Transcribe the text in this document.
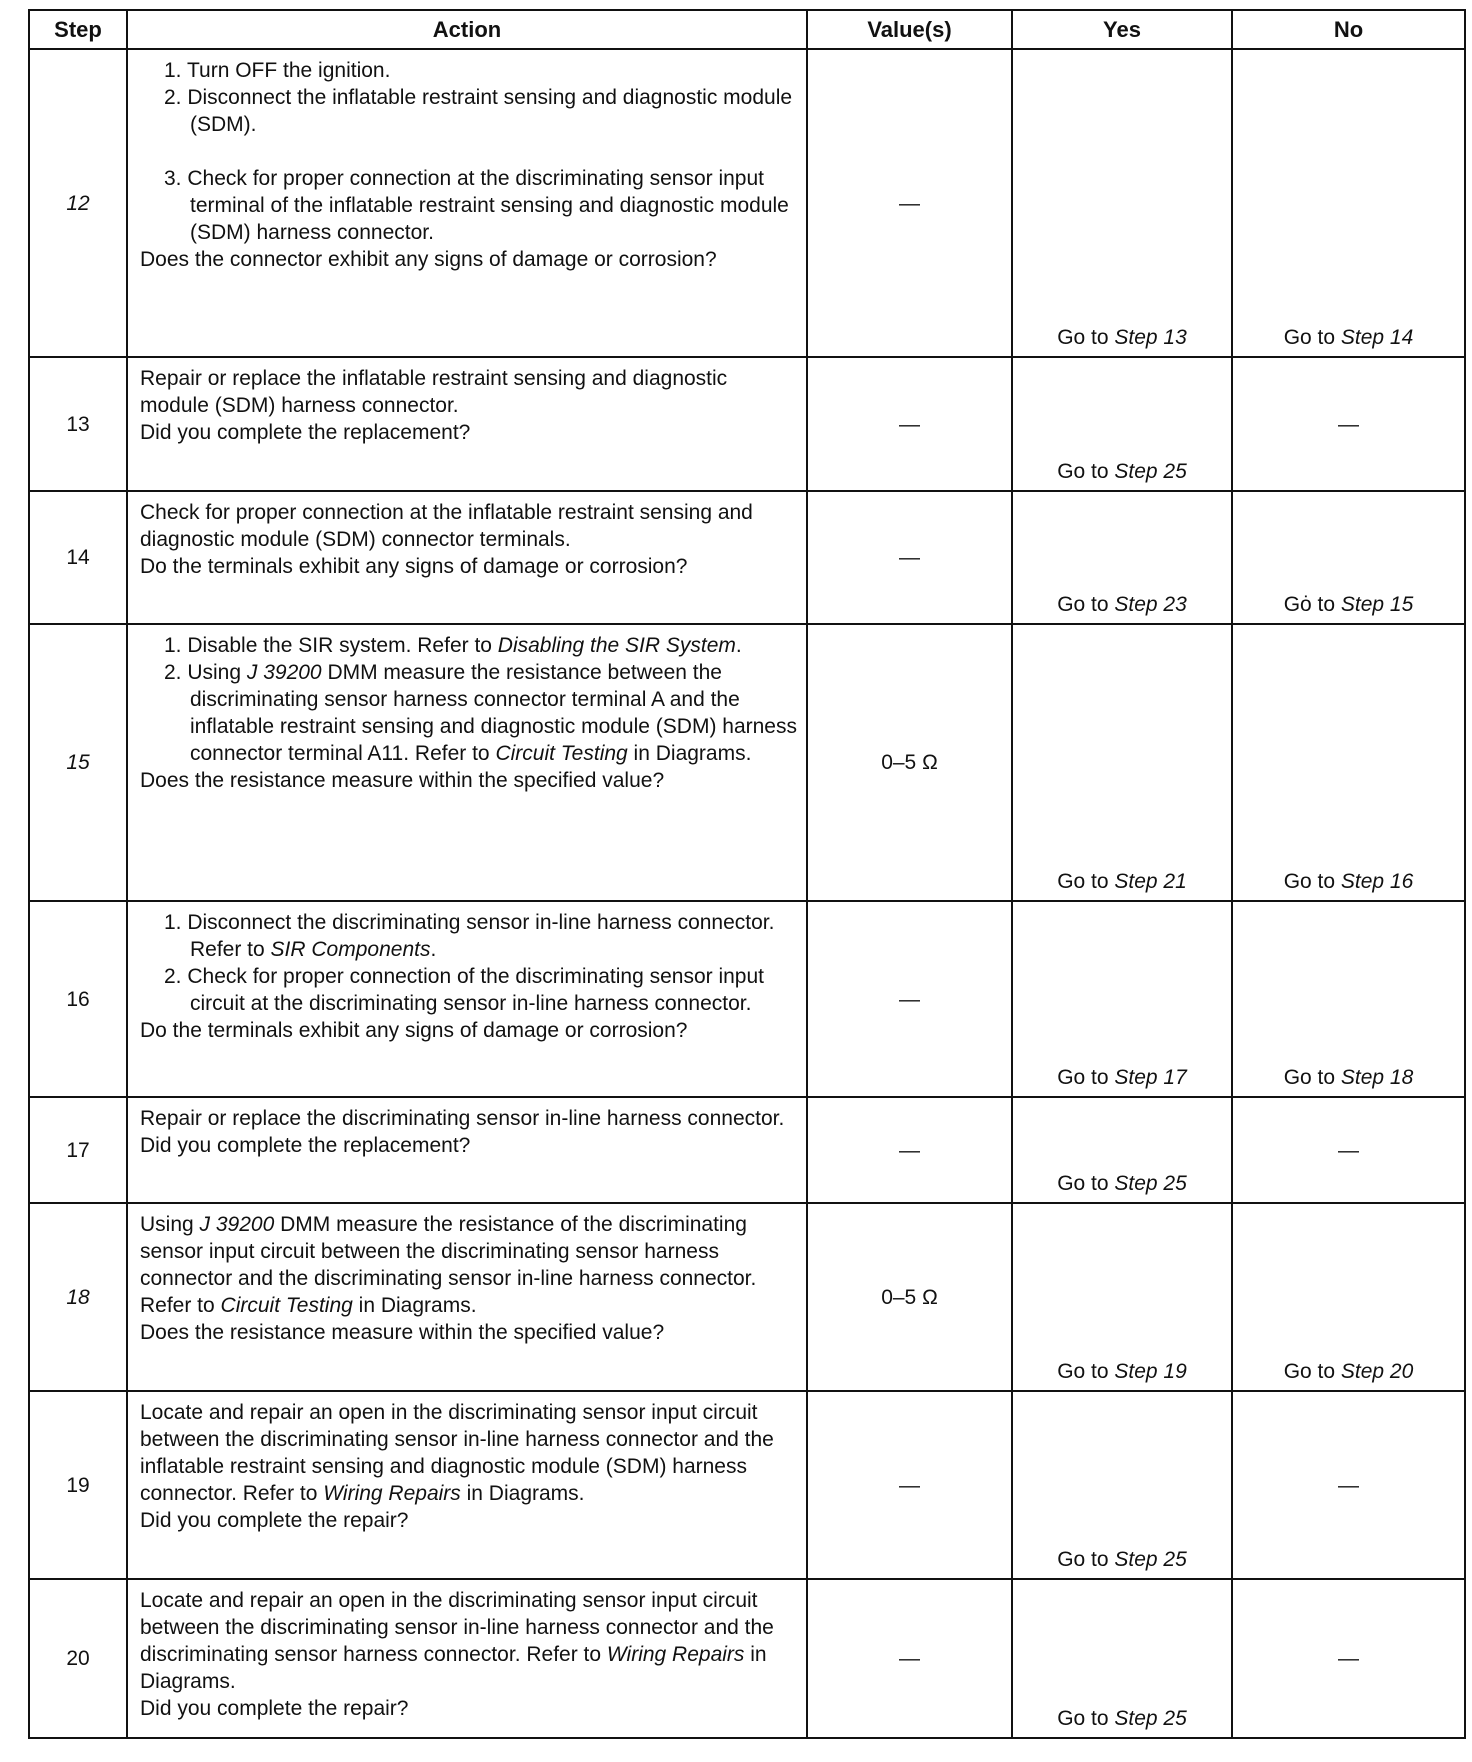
Step	Action	Value(s)	Yes	No
12	1. Turn OFF the ignition.
2. Disconnect the inflatable restraint sensing and diagnostic module (SDM).
3. Check for proper connection at the discriminating sensor input terminal of the inflatable restraint sensing and diagnostic module (SDM) harness connector.
Does the connector exhibit any signs of damage or corrosion?	—	Go to Step 13	Go to Step 14
13	Repair or replace the inflatable restraint sensing and diagnostic module (SDM) harness connector.
Did you complete the replacement?	—	Go to Step 25	—
14	Check for proper connection at the inflatable restraint sensing and diagnostic module (SDM) connector terminals.
Do the terminals exhibit any signs of damage or corrosion?	—	Go to Step 23	Gȯ to Step 15
15	1. Disable the SIR system. Refer to Disabling the SIR System.
2. Using J 39200 DMM measure the resistance between the discriminating sensor harness connector terminal A and the inflatable restraint sensing and diagnostic module (SDM) harness connector terminal A11. Refer to Circuit Testing in Diagrams.
Does the resistance measure within the specified value?	0–5 Ω	Go to Step 21	Go to Step 16
16	1. Disconnect the discriminating sensor in-line harness connector. Refer to SIR Components.
2. Check for proper connection of the discriminating sensor input circuit at the discriminating sensor in-line harness connector.
Do the terminals exhibit any signs of damage or corrosion?	—	Go to Step 17	Go to Step 18
17	Repair or replace the discriminating sensor in-line harness connector.
Did you complete the replacement?	—	Go to Step 25	—
18	Using J 39200 DMM measure the resistance of the discriminating sensor input circuit between the discriminating sensor harness connector and the discriminating sensor in-line harness connector. Refer to Circuit Testing in Diagrams.
Does the resistance measure within the specified value?	0–5 Ω	Go to Step 19	Go to Step 20
19	Locate and repair an open in the discriminating sensor input circuit between the discriminating sensor in-line harness connector and the inflatable restraint sensing and diagnostic module (SDM) harness connector. Refer to Wiring Repairs in Diagrams.
Did you complete the repair?	—	Go to Step 25	—
20	Locate and repair an open in the discriminating sensor input circuit between the discriminating sensor in-line harness connector and the discriminating sensor harness connector. Refer to Wiring Repairs in Diagrams.
Did you complete the repair?	—	Go to Step 25	—
